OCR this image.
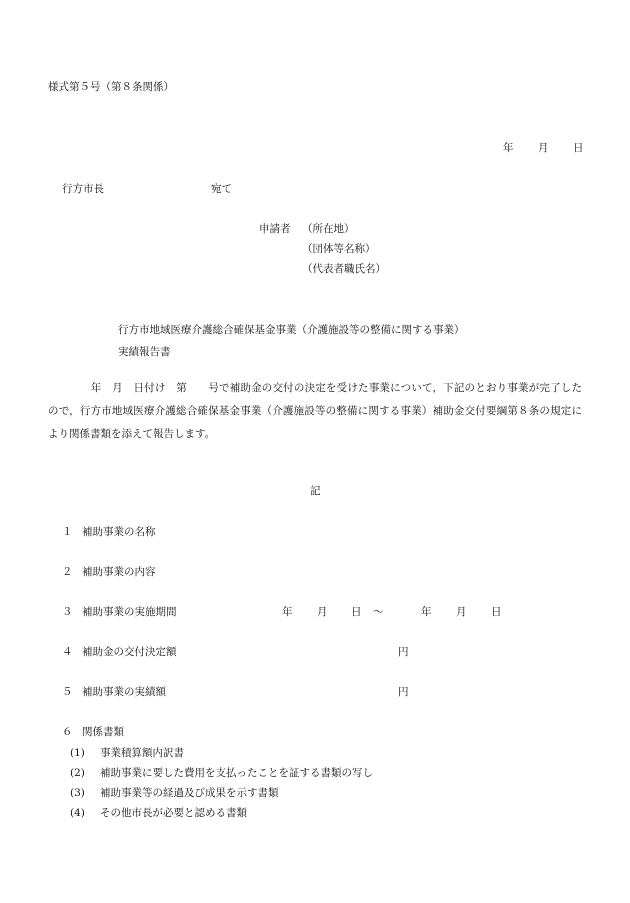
様式第５号（第８条関係）
年 月 日
行方市長	宛て
申請者 （所在地）
（団体等名称）
（代表者職氏名）
行方市地域医療介護総合確保基金事業（介護施設等の整備に関する事業）
実績報告書
　年　月　日付け　第　　号で補助金の交付の決定を受けた事業について，下記のとおり事業が完了したので，行方市地域医療介護総合確保基金事業（介護施設等の整備に関する事業）補助金交付要綱第８条の規定により関係書類を添えて報告します。
記
１ 補助事業の名称
２ 補助事業の内容
３ 補助事業の実施期間	年 月 日 ～	年 月 日
４ 補助金の交付決定額	円
５ 補助事業の実績額	円
６ 関係書類
(1) 事業積算額内訳書
(2) 補助事業に要した費用を支払ったことを証する書類の写し
(3) 補助事業等の経過及び成果を示す書類
(4) その他市長が必要と認める書類
